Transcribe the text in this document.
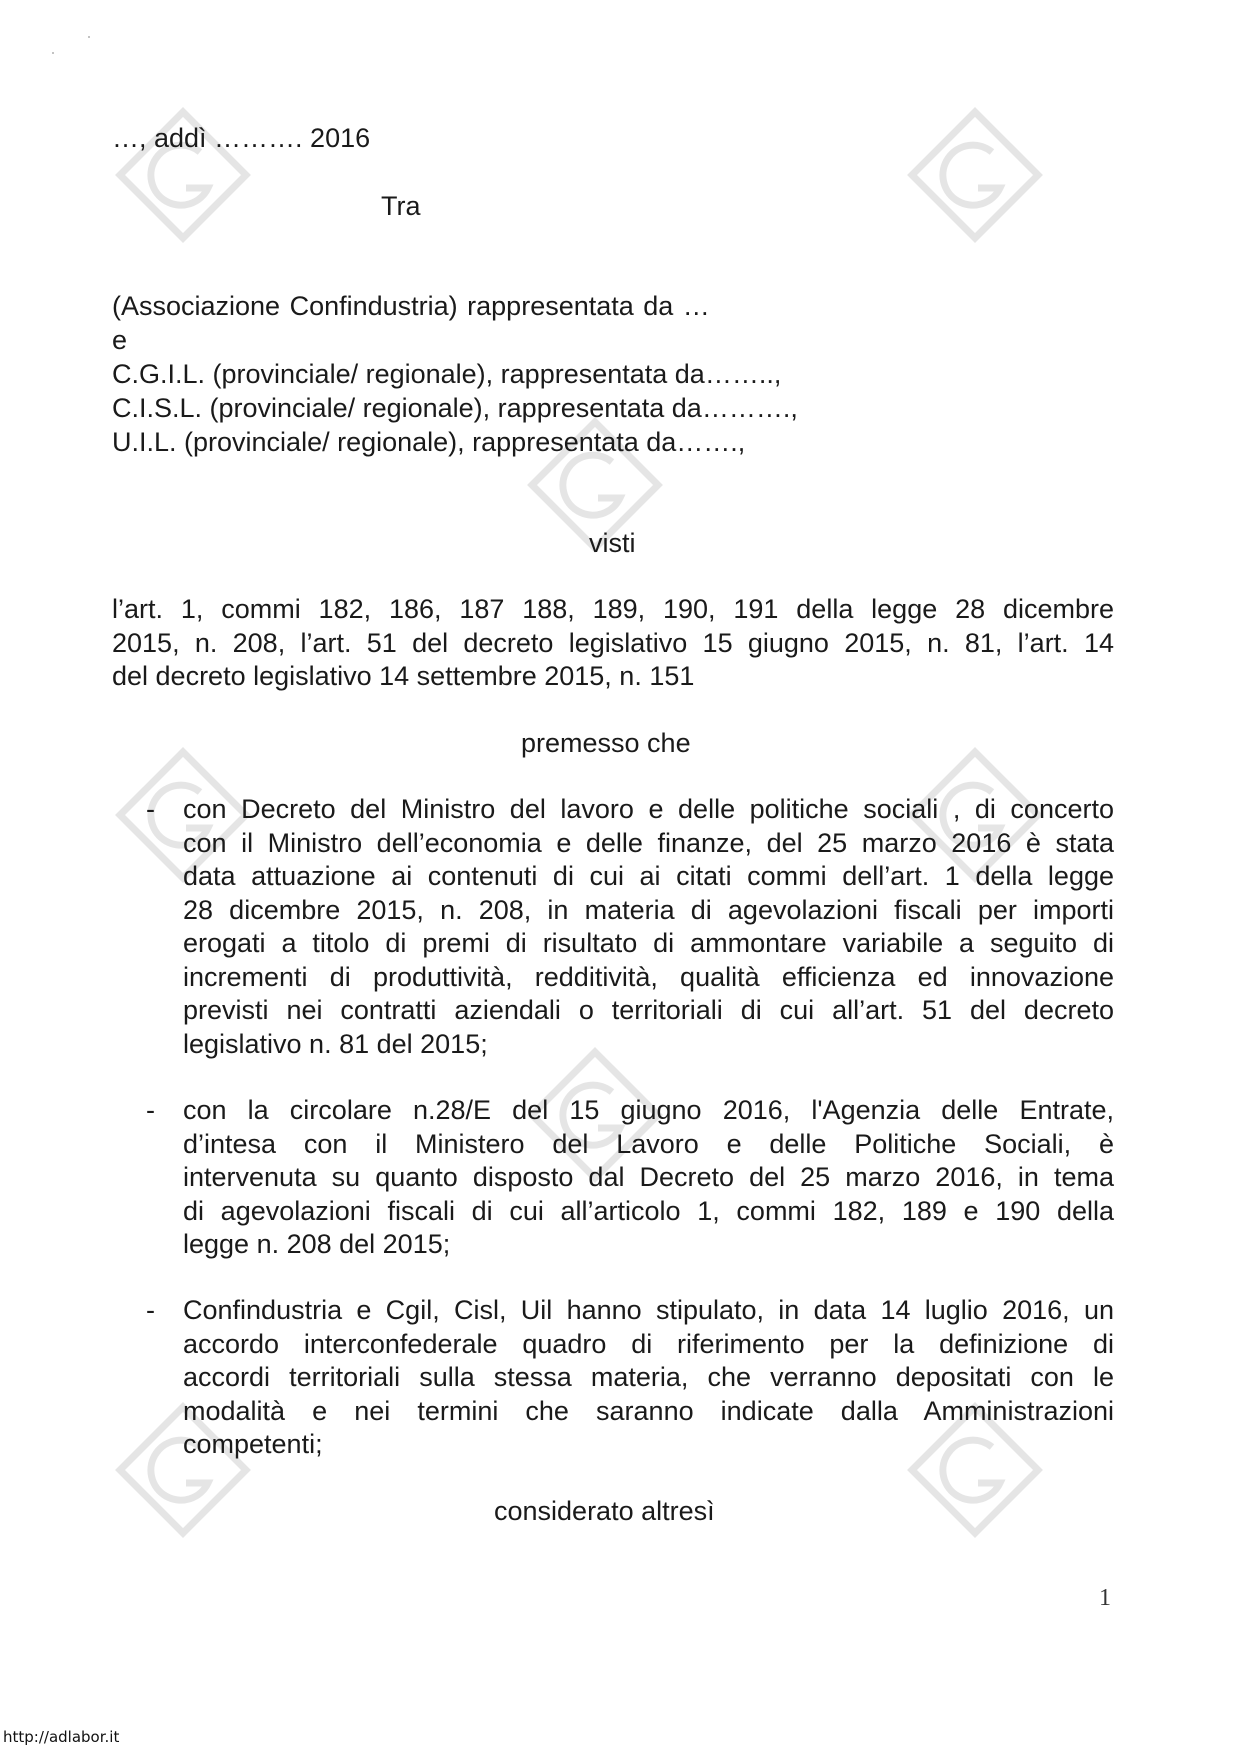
…, addì ………. 2016
Tra
(Associazione Confindustria) rappresentata da …
e
C.G.I.L. (provinciale/ regionale), rappresentata da……..,
C.I.S.L. (provinciale/ regionale), rappresentata da……….,
U.I.L. (provinciale/ regionale), rappresentata da…….,
visti
l’art. 1, commi 182, 186, 187 188, 189, 190, 191 della legge 28 dicembre
2015, n. 208, l’art. 51 del decreto legislativo 15 giugno 2015, n. 81, l’art. 14
del decreto legislativo 14 settembre 2015, n. 151
premesso che
- con Decreto del Ministro del lavoro e delle politiche sociali , di concerto
con il Ministro dell’economia e delle finanze, del 25 marzo 2016 è stata
data attuazione ai contenuti di cui ai citati commi dell’art. 1 della legge
28 dicembre 2015, n. 208, in materia di agevolazioni fiscali per importi
erogati a titolo di premi di risultato di ammontare variabile a seguito di
incrementi di produttività, redditività, qualità efficienza ed innovazione
previsti nei contratti aziendali o territoriali di cui all’art. 51 del decreto
legislativo n. 81 del 2015;
- con la circolare n.28/E del 15 giugno 2016, l'Agenzia delle Entrate,
d’intesa con il Ministero del Lavoro e delle Politiche Sociali, è
intervenuta su quanto disposto dal Decreto del 25 marzo 2016, in tema
di agevolazioni fiscali di cui all’articolo 1, commi 182, 189 e 190 della
legge n. 208 del 2015;
- Confindustria e Cgil, Cisl, Uil hanno stipulato, in data 14 luglio 2016, un
accordo interconfederale quadro di riferimento per la definizione di
accordi territoriali sulla stessa materia, che verranno depositati con le
modalità e nei termini che saranno indicate dalla Amministrazioni
competenti;
considerato altresì
1
http://adlabor.it
